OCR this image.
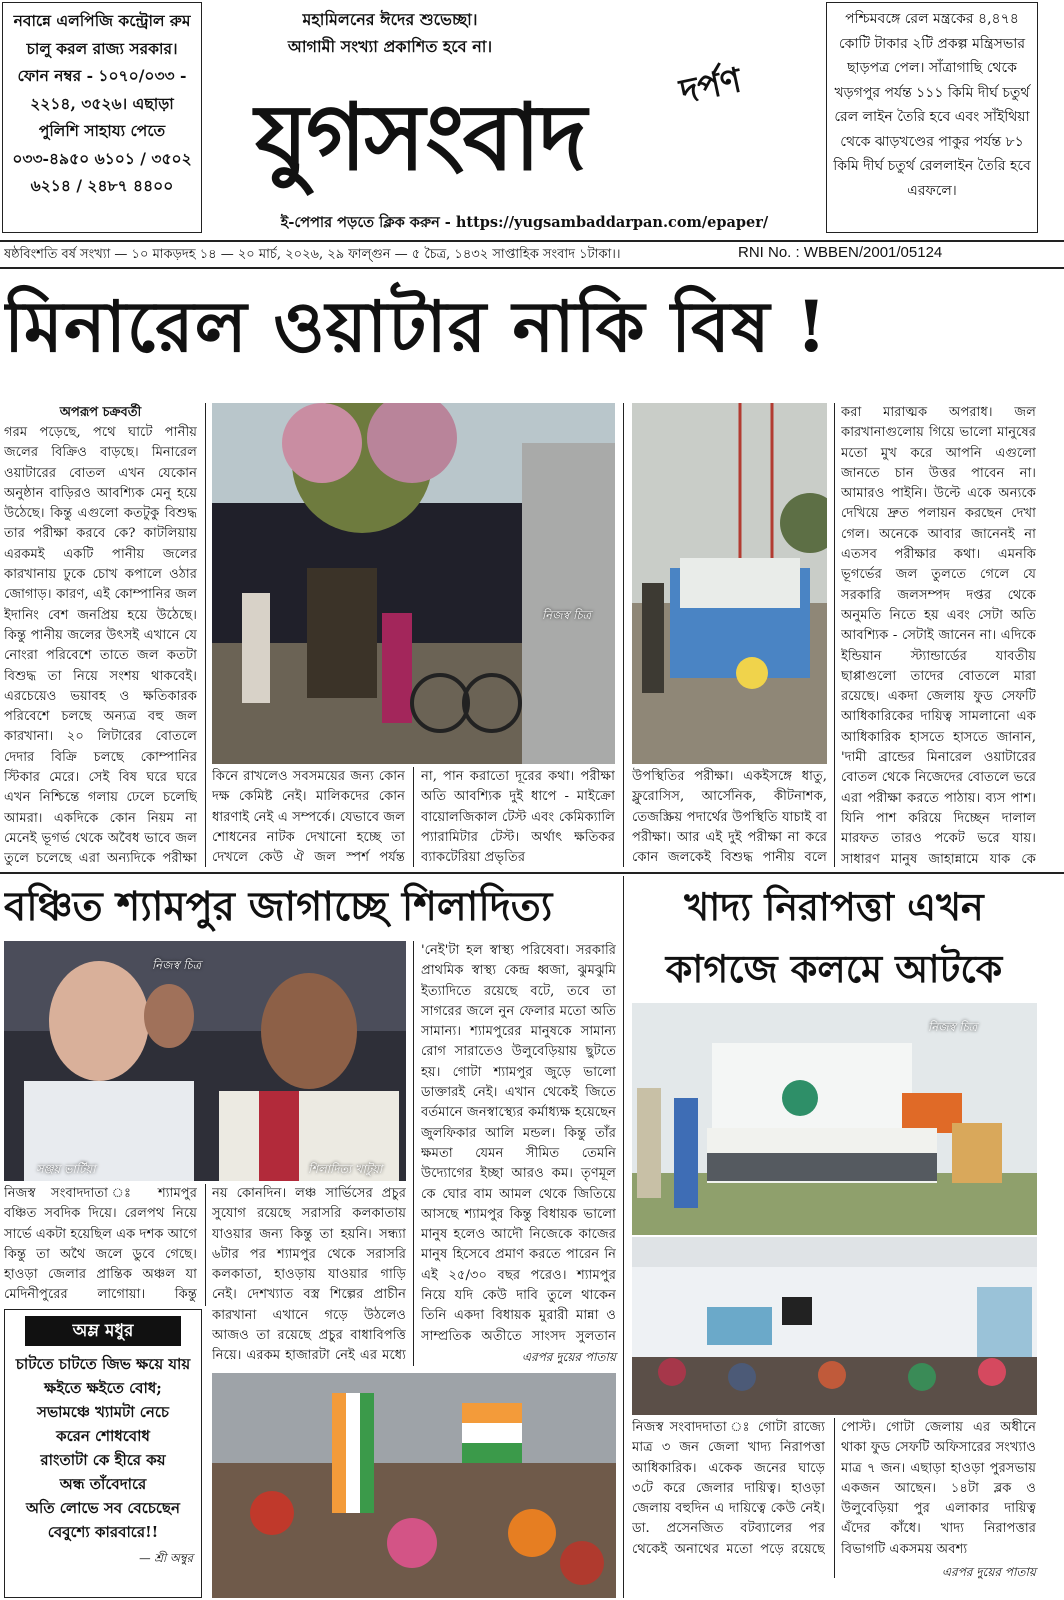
নবান্নে এলপিজি কন্ট্রোল রুম চালু করল রাজ্য সরকার। ফোন নম্বর - ১০৭০/০৩৩ - ২২১৪, ৩৫২৬। এছাড়া পুলিশি সাহায্য পেতে ০৩৩-৪৯৫০ ৬১০১ / ৩৫০২ ৬২১৪ / ২৪৮৭ ৪৪০০
মহামিলনের ঈদের শুভেচ্ছা।
আগামী সংখ্যা প্রকাশিত হবে না।
যুগসংবাদ	দর্পণ
ই-পেপার পড়তে ক্লিক করুন - https://yugsambaddarpan.com/epaper/
পশ্চিমবঙ্গে রেল মন্ত্রকের ৪,৪৭৪ কোটি টাকার ২টি প্রকল্প মন্ত্রিসভার ছাড়পত্র পেল। সাঁত্রাগাছি থেকে খড়গপুর পর্যন্ত ১১১ কিমি দীর্ঘ চতুর্থ রেল লাইন তৈরি হবে এবং সাঁইথিয়া থেকে ঝাড়খণ্ডের পাকুর পর্যন্ত ৮১ কিমি দীর্ঘ চতুর্থ রেললাইন তৈরি হবে এরফলে।
ষষ্ঠবিংশতি বর্ষ সংখ্যা — ১০ মাকড়দহ ১৪ — ২০ মার্চ, ২০২৬, ২৯ ফাল্গুন — ৫ চৈত্র, ১৪৩২ সাপ্তাহিক সংবাদ ১টাকা।।	RNI No. : WBBEN/2001/05124
মিনারেল ওয়াটার নাকি বিষ !
অপরূপ চক্রবর্তী
গরম পড়েছে, পথে ঘাটে পানীয় জলের বিক্রিও বাড়ছে। মিনারেল ওয়াটারের বোতল এখন যেকোন অনুষ্ঠান বাড়িরও আবশ্যিক মেনু হয়ে উঠেছে। কিন্তু এগুলো কতটুকু বিশুদ্ধ তার পরীক্ষা করবে কে? কাটলিয়ায় এরকমই একটি পানীয় জলের কারখানায় ঢুকে চোখ কপালে ওঠার জোগাড়। কারণ, এই কোম্পানির জল ইদানিং বেশ জনপ্রিয় হয়ে উঠেছে। কিন্তু পানীয় জলের উৎসই এখানে যে নোংরা পরিবেশে তাতে জল কতটা বিশুদ্ধ তা নিয়ে সংশয় থাকবেই। এরচেয়েও ভয়াবহ ও ক্ষতিকারক পরিবেশে চলছে অন্যত্র বহু জল কারখানা। ২০ লিটারের বোতলে দেদার বিক্রি চলছে কোম্পানির স্টিকার মেরে। সেই বিষ ঘরে ঘরে এখন নিশ্চিন্তে গলায় ঢেলে চলেছি আমরা। একদিকে কোন নিয়ম না মেনেই ভূগর্ভ থেকে অবৈধ ভাবে জল তুলে চলেছে এরা অন্যদিকে পরীক্ষা
নিজস্ব চিত্র
কিনে রাখলেও সবসময়ের জন্য কোন দক্ষ কেমিষ্ট নেই। মালিকদের কোন ধারণাই নেই এ সম্পর্কে। যেভাবে জল শোধনের নাটক দেখানো হচ্ছে তা দেখলে কেউ ঐ জল স্পর্শ পর্যন্ত
না, পান করাতো দূরের কথা। পরীক্ষা অতি আবশ্যিক দুই ধাপে - মাইক্রো বায়োলজিকাল টেস্ট এবং কেমিক্যালি প্যারামিটার টেস্ট। অর্থাৎ ক্ষতিকর ব্যাকটেরিয়া প্রভৃতির
উপস্থিতির পরীক্ষা। একইসঙ্গে ধাতু, ফ্লুরোসিস, আর্সেনিক, কীটনাশক, তেজস্ক্রিয় পদার্থের উপস্থিতি যাচাই বা পরীক্ষা। আর এই দুই পরীক্ষা না করে কোন জলকেই বিশুদ্ধ পানীয় বলে
করা মারাত্মক অপরাধ। জল কারখানাগুলোয় গিয়ে ভালো মানুষের মতো মুখ করে আপনি এগুলো জানতে চান উত্তর পাবেন না। আমারও পাইনি। উল্টে একে অন্যকে দেখিয়ে দ্রুত পলায়ন করছেন দেখা গেল। অনেকে আবার জানেনই না এতসব পরীক্ষার কথা। এমনকি ভূগর্ভের জল তুলতে গেলে যে সরকারি জলসম্পদ দপ্তর থেকে অনুমতি নিতে হয় এবং সেটা অতি আবশ্যিক - সেটাই জানেন না। এদিকে ইন্ডিয়ান স্ট্যান্ডার্ডের যাবতীয় ছাপ্পাগুলো তাদের বোতলে মারা রয়েছে। একদা জেলায় ফুড সেফটি আধিকারিকের দায়িত্ব সামলানো এক আধিকারিক হাসতে হাসতে জানান, 'দামী ব্রান্ডের মিনারেল ওয়াটারের বোতল থেকে নিজেদের বোতলে ভরে এরা পরীক্ষা করতে পাঠায়। ব্যস পাশ। যিনি পাশ করিয়ে দিচ্ছেন দালাল মারফত তারও পকেট ভরে যায়। সাধারণ মানুষ জাহান্নামে যাক কে
বঞ্চিত শ্যামপুর জাগাচ্ছে শিলাদিত্য
নিজস্ব চিত্র
সঞ্জয় ভার্টিয়া	শিলাদিত্য খাটুয়া
নিজস্ব সংবাদদাতা ঃ শ্যামপুর বঞ্চিত সবদিক দিয়ে। রেলপথ নিয়ে সার্ভে একটা হয়েছিল এক দশক আগে কিন্তু তা অথৈ জলে ডুবে গেছে। হাওড়া জেলার প্রান্তিক অঞ্চল যা মেদিনীপুরের লাগোয়া। কিন্তু
নয় কোনদিন। লঞ্চ সার্ভিসের প্রচুর সুযোগ রয়েছে সরাসরি কলকাতায় যাওয়ার জন্য কিন্তু তা হয়নি। সন্ধ্যা ৬টার পর শ্যামপুর থেকে সরাসরি কলকাতা, হাওড়ায় যাওয়ার গাড়ি নেই। দেশখ্যাত বস্ত্র শিল্পের প্রাচীন কারখানা এখানে গড়ে উঠলেও আজও তা রয়েছে প্রচুর বাধাবিপত্তি নিয়ে। এরকম হাজারটা নেই এর মধ্যে
'নেই'টা হল স্বাস্থ্য পরিষেবা। সরকারি প্রাথমিক স্বাস্থ্য কেন্দ্র ধ্বজা, ঝুমঝুমি ইত্যাদিতে রয়েছে বটে, তবে তা সাগরের জলে নুন ফেলার মতো অতি সামান্য। শ্যামপুরের মানুষকে সামান্য রোগ সারাতেও উলুবেড়িয়ায় ছুটতে হয়। গোটা শ্যামপুর জুড়ে ভালো ডাক্তারই নেই। এখান থেকেই জিতে বর্তমানে জনস্বাস্থ্যের কর্মাধ্যক্ষ হয়েছেন জুলফিকার আলি মন্ডল। কিন্তু তাঁর ক্ষমতা যেমন সীমিত তেমনি উদ্যোগের ইচ্ছা আরও কম। তৃণমূল কে ঘোর বাম আমল থেকে জিতিয়ে আসছে শ্যামপুর কিন্তু বিধায়ক ভালো মানুষ হলেও আদৌ নিজেকে কাজের মানুষ হিসেবে প্রমাণ করতে পারেন নি এই ২৫/৩০ বছর পরেও। শ্যামপুর নিয়ে যদি কেউ দাবি তুলে থাকেন তিনি একদা বিধায়ক মুরারী মান্না ও সাম্প্রতিক অতীতে সাংসদ সুলতান
এরপর দুয়ের পাতায়
অম্ল মধুর

চাটতে চাটতে জিভ ক্ষয়ে যায়

ক্ষইতে ক্ষইতে বোধ;

সভামঞ্চে খ্যামটা নেচে

করেন শোধবোধ

রাংতাটা কে হীরে কয়

অন্ধ তাঁবেদারে

অতি লোভে সব বেচেছেন

বেবুশ্যে কারবারে!!

— শ্রী অম্বুর
খাদ্য নিরাপত্তা এখন
কাগজে কলমে আটকে
নিজস্ব চিত্র
নিজস্ব সংবাদদাতা ঃ গোটা রাজ্যে মাত্র ৩ জন জেলা খাদ্য নিরাপত্তা আধিকারিক। একেক জনের ঘাড়ে ৩টে করে জেলার দায়িত্ব। হাওড়া জেলায় বহুদিন এ দায়িত্বে কেউ নেই। ডা. প্রসেনজিত বটব্যালের পর থেকেই অনাথের মতো পড়ে রয়েছে
পোস্ট। গোটা জেলায় এর অধীনে থাকা ফুড সেফটি অফিসারের সংখ্যাও মাত্র ৭ জন। এছাড়া হাওড়া পুরসভায় একজন আছেন। ১৪টা ব্লক ও উলুবেড়িয়া পুর এলাকার দায়িত্ব এঁদের কাঁধে। খাদ্য নিরাপত্তার বিভাগটি একসময় অবশ্য
এরপর দুয়ের পাতায়
